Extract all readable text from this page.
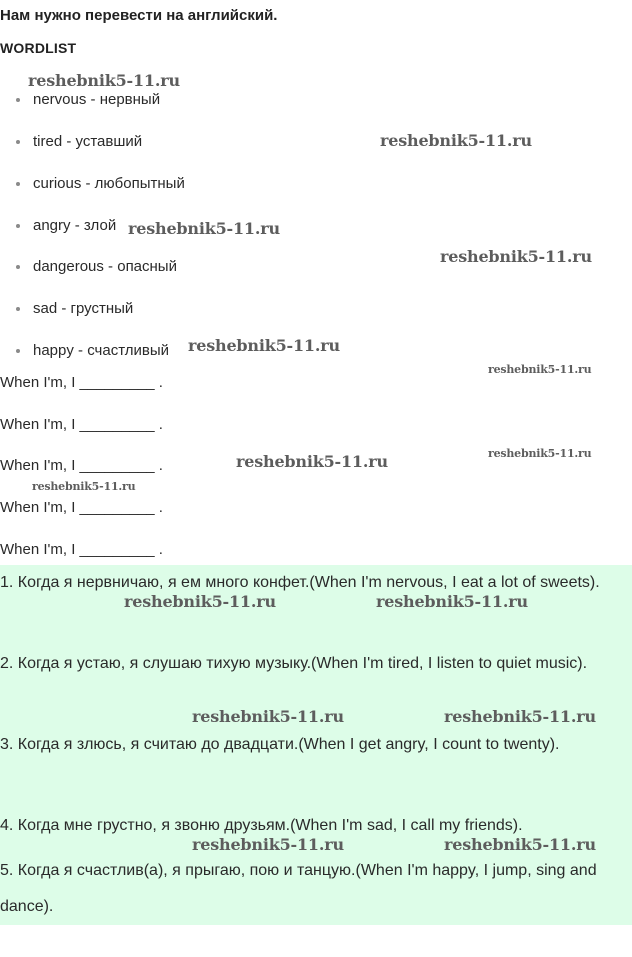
Нам нужно перевести на английский.
WORDLIST
nervous - нервный
tired - уставший
curious - любопытный
angry - злой
dangerous - опасный
sad - грустный
happy - счастливый
When I'm, I _________ .
When I'm, I _________ .
When I'm, I _________ .
When I'm, I _________ .
When I'm, I _________ .

1. Когда я нервничаю, я ем много конфет.(When I'm nervous, I eat a lot of sweets).

2. Когда я устаю, я слушаю тихую музыку.(When I'm tired, I listen to quiet music).

3. Когда я злюсь, я считаю до двадцати.(When I get angry, I count to twenty).

4. Когда мне грустно, я звоню друзьям.(When I'm sad, I call my friends).

5. Когда я счастлив(а), я прыгаю, пою и танцую.(When I'm happy, I jump, sing and dance).

reshebnik5-11.ru
reshebnik5-11.ru
reshebnik5-11.ru
reshebnik5-11.ru
reshebnik5-11.ru
reshebnik5-11.ru
reshebnik5-11.ru
reshebnik5-11.ru
reshebnik5-11.ru
reshebnik5-11.ru	reshebnik5-11.ru
reshebnik5-11.ru	reshebnik5-11.ru
reshebnik5-11.ru	reshebnik5-11.ru
